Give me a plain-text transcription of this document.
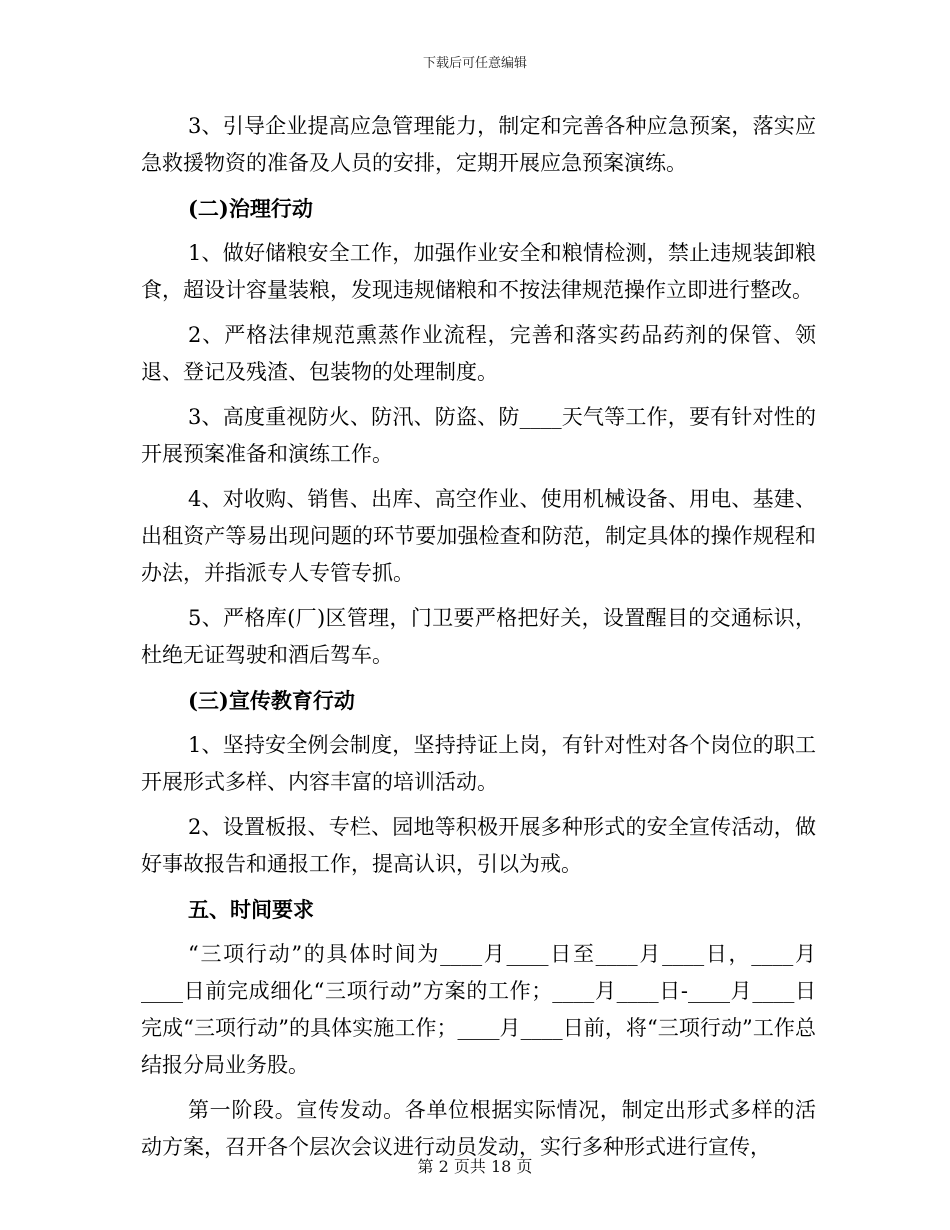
下载后可任意编辑

3、引导企业提高应急管理能力，制定和完善各种应急预案，落实应急救援物资的准备及人员的安排，定期开展应急预案演练。

(二)治理行动

1、做好储粮安全工作，加强作业安全和粮情检测，禁止违规装卸粮食，超设计容量装粮，发现违规储粮和不按法律规范操作立即进行整改。

2、严格法律规范熏蒸作业流程，完善和落实药品药剂的保管、领退、登记及残渣、包装物的处理制度。

3、高度重视防火、防汛、防盗、防____天气等工作，要有针对性的开展预案准备和演练工作。

4、对收购、销售、出库、高空作业、使用机械设备、用电、基建、出租资产等易出现问题的环节要加强检查和防范，制定具体的操作规程和办法，并指派专人专管专抓。

5、严格库(厂)区管理，门卫要严格把好关，设置醒目的交通标识，杜绝无证驾驶和酒后驾车。

(三)宣传教育行动

1、坚持安全例会制度，坚持持证上岗，有针对性对各个岗位的职工开展形式多样、内容丰富的培训活动。

2、设置板报、专栏、园地等积极开展多种形式的安全宣传活动，做好事故报告和通报工作，提高认识，引以为戒。

五、时间要求

“三项行动”的具体时间为____月____日至____月____日，____月____日前完成细化“三项行动”方案的工作；____月____日-____月____日完成“三项行动”的具体实施工作；____月____日前，将“三项行动”工作总结报分局业务股。

第一阶段。宣传发动。各单位根据实际情况，制定出形式多样的活动方案，召开各个层次会议进行动员发动，实行多种形式进行宣传，

第 2 页共 18 页
